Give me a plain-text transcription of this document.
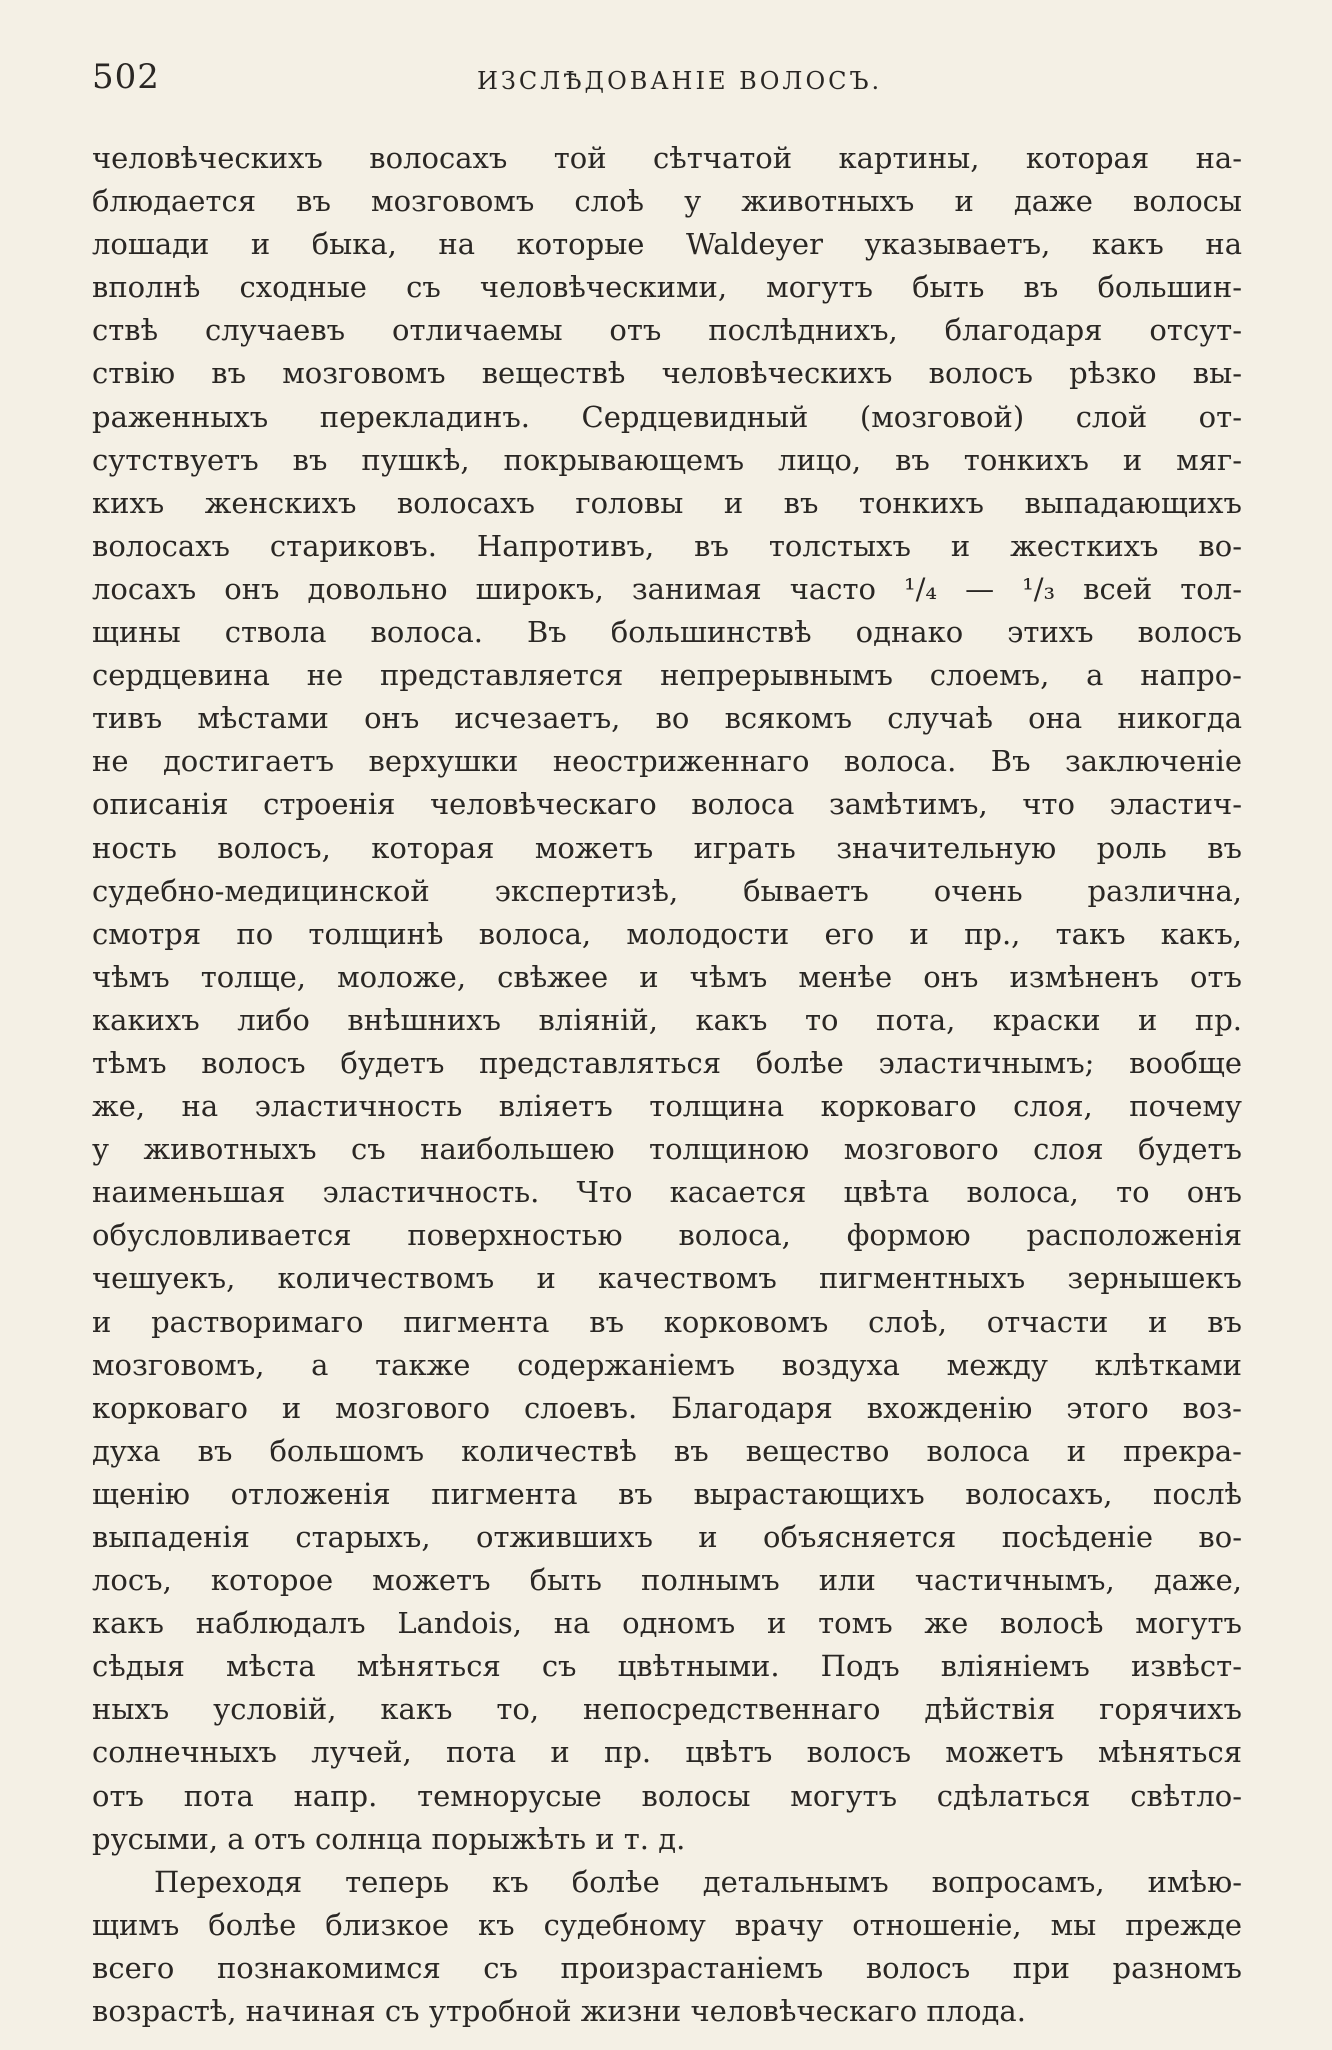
502	ИЗСЛѢДОВАНІЕ ВОЛОСЪ.
человѣческихъ волосахъ той сѣтчатой картины, которая на-
блюдается въ мозговомъ слоѣ у животныхъ и даже волосы
лошади и быка, на которые Waldeyer указываетъ, какъ на
вполнѣ сходные съ человѣческими, могутъ быть въ большин-
ствѣ случаевъ отличаемы отъ послѣднихъ, благодаря отсут-
ствію въ мозговомъ веществѣ человѣческихъ волосъ рѣзко вы-
раженныхъ перекладинъ. Сердцевидный (мозговой) слой от-
сутствуетъ въ пушкѣ, покрывающемъ лицо, въ тонкихъ и мяг-
кихъ женскихъ волосахъ головы и въ тонкихъ выпадающихъ
волосахъ стариковъ. Напротивъ, въ толстыхъ и жесткихъ во-
лосахъ онъ довольно широкъ, занимая часто ¹/₄ — ¹/₃ всей тол-
щины ствола волоса. Въ большинствѣ однако этихъ волосъ
сердцевина не представляется непрерывнымъ слоемъ, а напро-
тивъ мѣстами онъ исчезаетъ, во всякомъ случаѣ она никогда
не достигаетъ верхушки неостриженнаго волоса. Въ заключеніе
описанія строенія человѣческаго волоса замѣтимъ, что эластич-
ность волосъ, которая можетъ играть значительную роль въ
судебно-медицинской экспертизѣ, бываетъ очень различна,
смотря по толщинѣ волоса, молодости его и пр., такъ какъ,
чѣмъ толще, моложе, свѣжее и чѣмъ менѣе онъ измѣненъ отъ
какихъ либо внѣшнихъ вліяній, какъ то пота, краски и пр.
тѣмъ волосъ будетъ представляться болѣе эластичнымъ; вообще
же, на эластичность вліяетъ толщина корковаго слоя, почему
у животныхъ съ наибольшею толщиною мозгового слоя будетъ
наименьшая эластичность. Что касается цвѣта волоса, то онъ
обусловливается поверхностью волоса, формою расположенія
чешуекъ, количествомъ и качествомъ пигментныхъ зернышекъ
и растворимаго пигмента въ корковомъ слоѣ, отчасти и въ
мозговомъ, а также содержаніемъ воздуха между клѣтками
корковаго и мозгового слоевъ. Благодаря вхожденію этого воз-
духа въ большомъ количествѣ въ вещество волоса и прекра-
щенію отложенія пигмента въ вырастающихъ волосахъ, послѣ
выпаденія старыхъ, отжившихъ и объясняется посѣденіе во-
лосъ, которое можетъ быть полнымъ или частичнымъ, даже,
какъ наблюдалъ Landois, на одномъ и томъ же волосѣ могутъ
сѣдыя мѣста мѣняться съ цвѣтными. Подъ вліяніемъ извѣст-
ныхъ условій, какъ то, непосредственнаго дѣйствія горячихъ
солнечныхъ лучей, пота и пр. цвѣтъ волосъ можетъ мѣняться
отъ пота напр. темнорусые волосы могутъ сдѣлаться свѣтло-
русыми, а отъ солнца порыжѣть и т. д.
Переходя теперь къ болѣе детальнымъ вопросамъ, имѣю-
щимъ болѣе близкое къ судебному врачу отношеніе, мы прежде
всего познакомимся съ произрастаніемъ волосъ при разномъ
возрастѣ, начиная съ утробной жизни человѣческаго плода.
